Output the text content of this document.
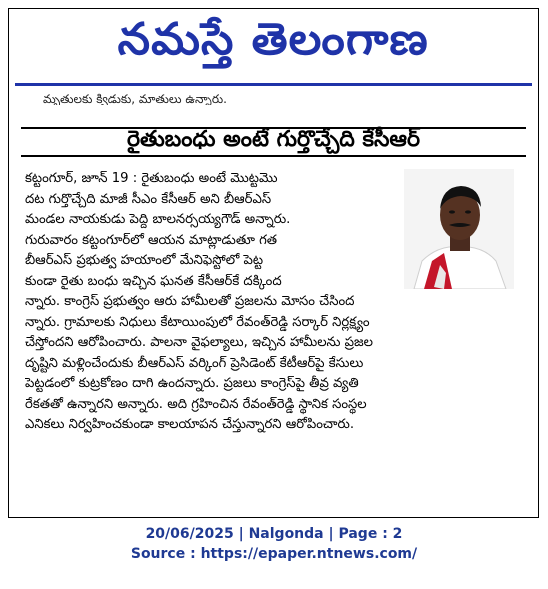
నమస్తే తెలంగాణ
మృతులకు క్విడుకు, మాతులు ఉన్నారు.
రైతుబంధు అంటే గుర్తొచ్చేది కేసీఆర్
కట్టంగూర్, జూన్ 19 : రైతుబంధు అంటే మొట్టమొ
దట గుర్తొచ్చేది మాజీ సీఎం కేసీఆర్ అని బీఆర్ఎస్
మండల నాయకుడు పెద్ది బాలనర్సయ్యగౌడ్ అన్నారు.
గురువారం కట్టంగూర్‌లో ఆయన మాట్లాడుతూ గత
బీఆర్ఎస్ ప్రభుత్వ హయాంలో మేనిఫెస్టోలో పెట్ట
కుండా రైతు బంధు ఇచ్చిన ఘనత కేసీఆర్‌కే దక్కింద
న్నారు. కాంగ్రెస్ ప్రభుత్వం ఆరు హామీలతో ప్రజలను మోసం చేసింద
న్నారు. గ్రామాలకు నిధులు కేటాయింపులో రేవంత్‌రెడ్డి సర్కార్ నిర్లక్ష్యం
చేస్తోందని ఆరోపించారు. పాలనా వైఫల్యాలు, ఇచ్చిన హామీలను ప్రజల
దృష్టిని మళ్లించేందుకు బీఆర్ఎస్ వర్కింగ్ ప్రెసిడెంట్ కేటీఆర్‌పై కేసులు
పెట్టడంలో కుట్రకోణం దాగి ఉందన్నారు. ప్రజలు కాంగ్రెస్‌పై తీవ్ర వ్యతి
రేకతతో ఉన్నారని అన్నారు. అది గ్రహించిన రేవంత్‌రెడ్డి స్థానిక సంస్థల
ఎనికలు నిర్వహించకుండా కాలయాపన చేస్తున్నారని ఆరోపించారు.
20/06/2025 | Nalgonda | Page : 2
Source : https://epaper.ntnews.com/
